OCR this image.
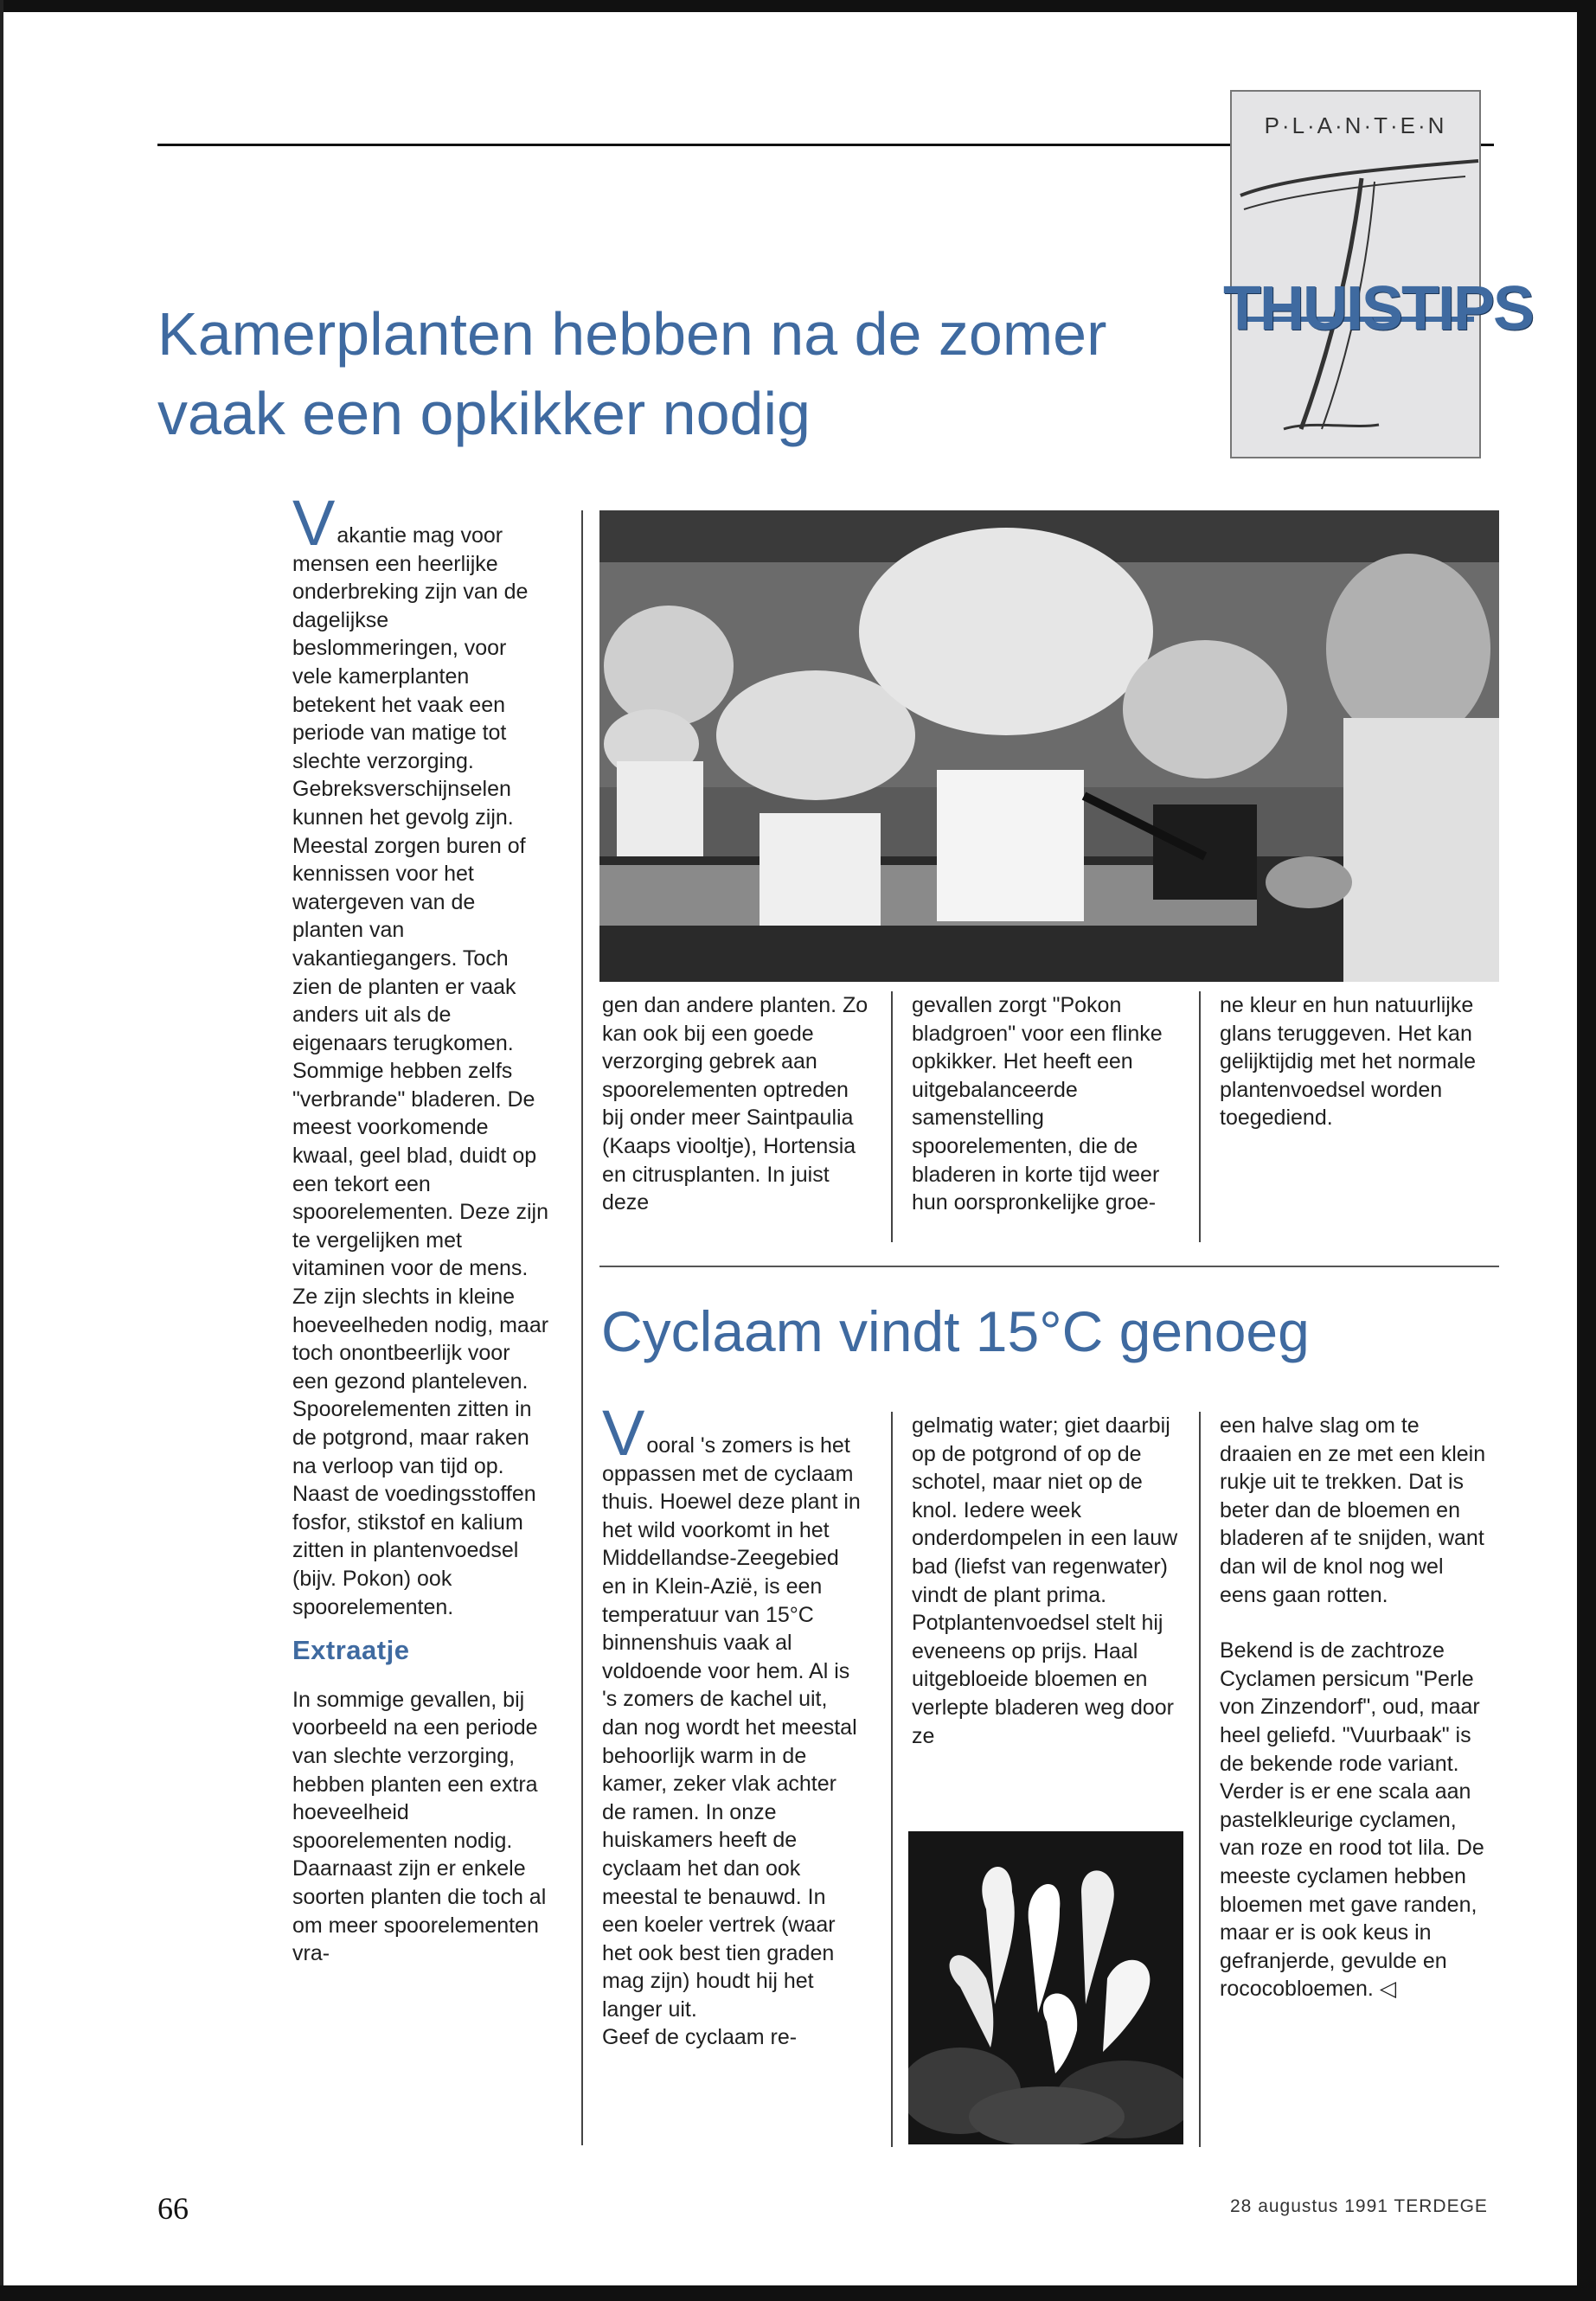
P·L·A·N·T·E·N
THUISTIPS
Kamerplanten hebben na de zomer vaak een opkikker nodig

Vakantie mag voor mensen een heerlijke onderbreking zijn van de dagelijkse beslommeringen, voor vele kamerplanten betekent het vaak een periode van matige tot slechte verzorging. Gebreksverschijnselen kunnen het gevolg zijn.

Meestal zorgen buren of kennissen voor het watergeven van de planten van vakantiegangers. Toch zien de planten er vaak anders uit als de eigenaars terugkomen. Sommige hebben zelfs "verbrande" bladeren. De meest voorkomende kwaal, geel blad, duidt op een tekort een spoorelementen. Deze zijn te vergelijken met vitaminen voor de mens. Ze zijn slechts in kleine hoeveelheden nodig, maar toch onontbeerlijk voor een gezond planteleven. Spoorelementen zitten in de potgrond, maar raken na verloop van tijd op.

Naast de voedingsstoffen fosfor, stikstof en kalium zitten in plantenvoedsel (bijv. Pokon) ook spoorelementen.

Extraatje

In sommige gevallen, bij voorbeeld na een periode van slechte verzorging, hebben planten een extra hoeveelheid spoorelementen nodig. Daarnaast zijn er enkele soorten planten die toch al om meer spoorelementen vra-

gen dan andere planten. Zo kan ook bij een goede verzorging gebrek aan spoorelementen optreden bij onder meer Saintpaulia (Kaaps viooltje), Hortensia en citrusplanten. In juist deze

gevallen zorgt "Pokon bladgroen" voor een flinke opkikker. Het heeft een uitgebalanceerde samenstelling spoorelementen, die de bladeren in korte tijd weer hun oorspronkelijke groe-

ne kleur en hun natuurlijke glans teruggeven. Het kan gelijktijdig met het normale plantenvoedsel worden toegediend.

Cyclaam vindt 15°C genoeg

Vooral 's zomers is het oppassen met de cyclaam thuis. Hoewel deze plant in het wild voorkomt in het Middellandse-Zeegebied en in Klein-Azië, is een temperatuur van 15°C binnenshuis vaak al voldoende voor hem. Al is 's zomers de kachel uit, dan nog wordt het meestal behoorlijk warm in de kamer, zeker vlak achter de ramen. In onze huiskamers heeft de cyclaam het dan ook meestal te benauwd. In een koeler vertrek (waar het ook best tien graden mag zijn) houdt hij het langer uit.

Geef de cyclaam re-

gelmatig water; giet daarbij op de potgrond of op de schotel, maar niet op de knol. Iedere week onderdompelen in een lauw bad (liefst van regenwater) vindt de plant prima. Potplantenvoedsel stelt hij eveneens op prijs. Haal uitgebloeide bloemen en verlepte bladeren weg door ze

een halve slag om te draaien en ze met een klein rukje uit te trekken. Dat is beter dan de bloemen en bladeren af te snijden, want dan wil de knol nog wel eens gaan rotten.

Bekend is de zachtroze Cyclamen persicum "Perle von Zinzendorf", oud, maar heel geliefd. "Vuurbaak" is de bekende rode variant. Verder is er ene scala aan pastelkleurige cyclamen, van roze en rood tot lila. De meeste cyclamen hebben bloemen met gave randen, maar er is ook keus in gefranjerde, gevulde en rococobloemen. ◁

66	28 augustus 1991 TERDEGE
